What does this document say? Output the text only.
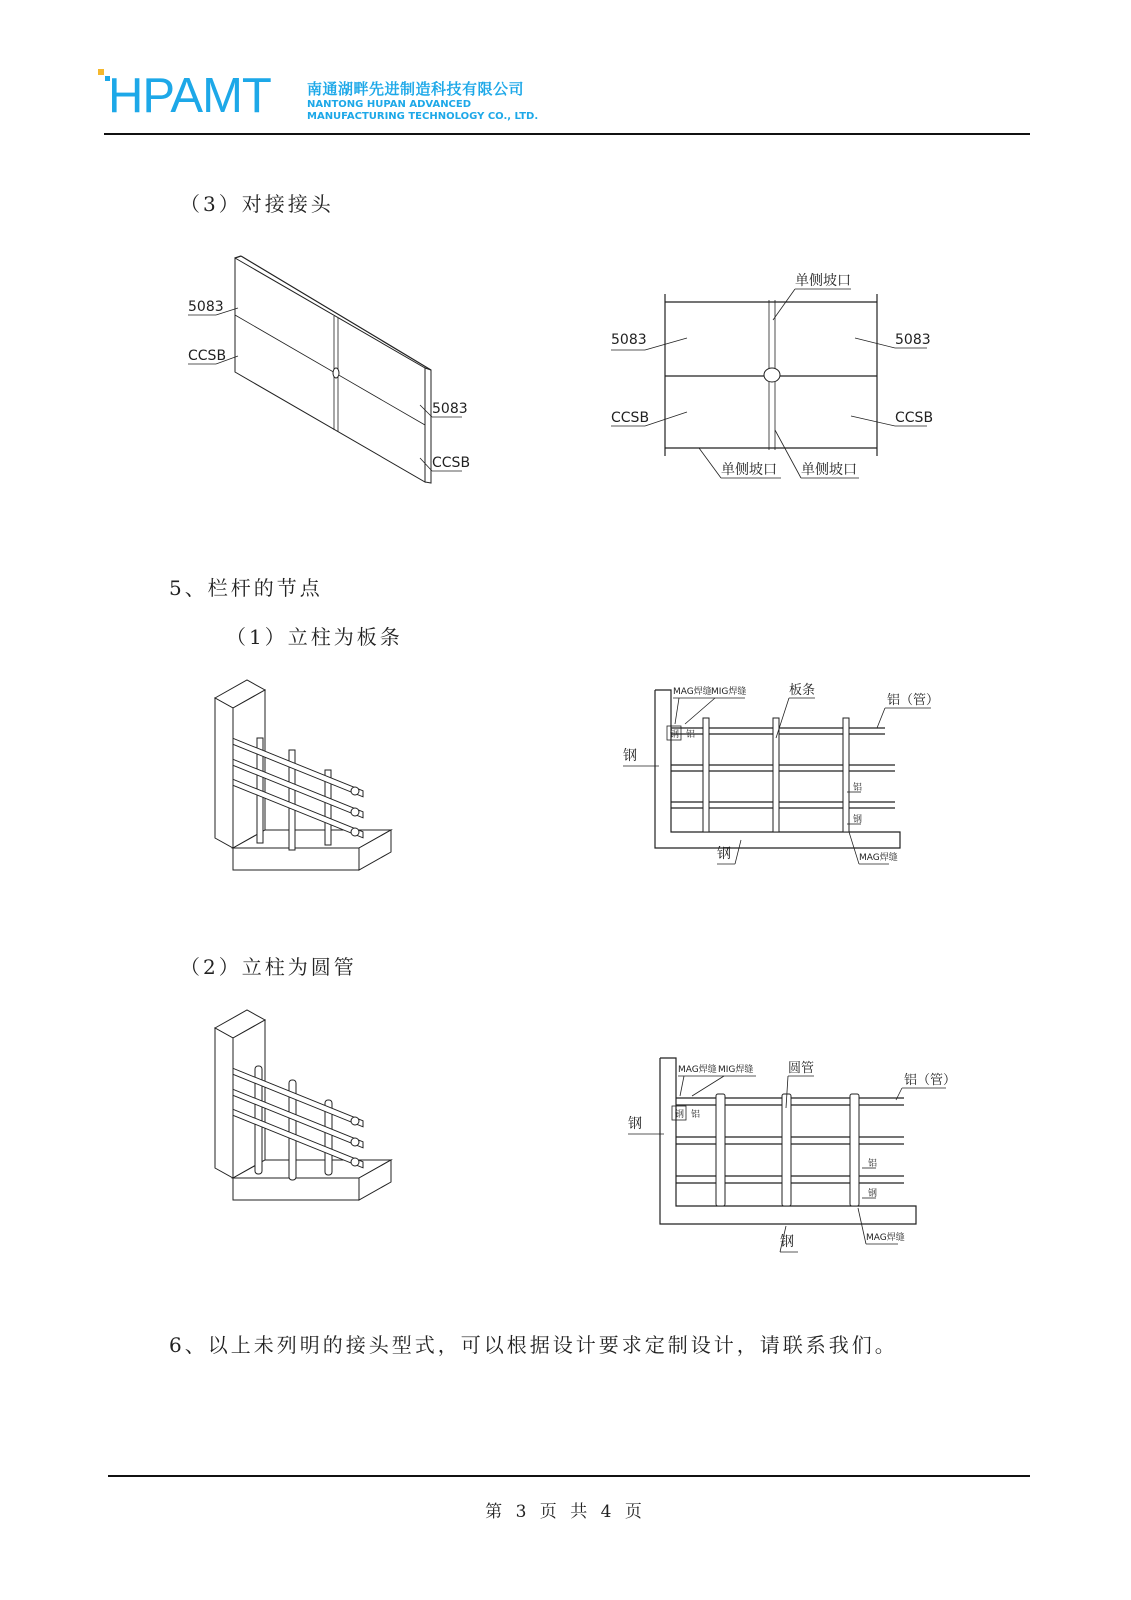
HPAMT 南通湖畔先进制造科技有限公司
NANTONG HUPAN ADVANCED
MANUFACTURING TECHNOLOGY CO., LTD.
（3）对接接头
5、栏杆的节点
（1）立柱为板条
（2）立柱为圆管
6、以上未列明的接头型式，可以根据设计要求定制设计，请联系我们。
5083
CCSB
5083
CCSB
单侧坡口
5083	5083
CCSB	CCSB
单侧坡口 单侧坡口
MAG焊缝 MIG焊缝	板条
铝（管）
钢
钢 铝
铝
钢
钢	MAG焊缝
MAG焊缝 MIG焊缝	圆管
铝（管）
钢
钢 铝
铝
钢
钢	MAG焊缝
第 3 页 共 4 页
